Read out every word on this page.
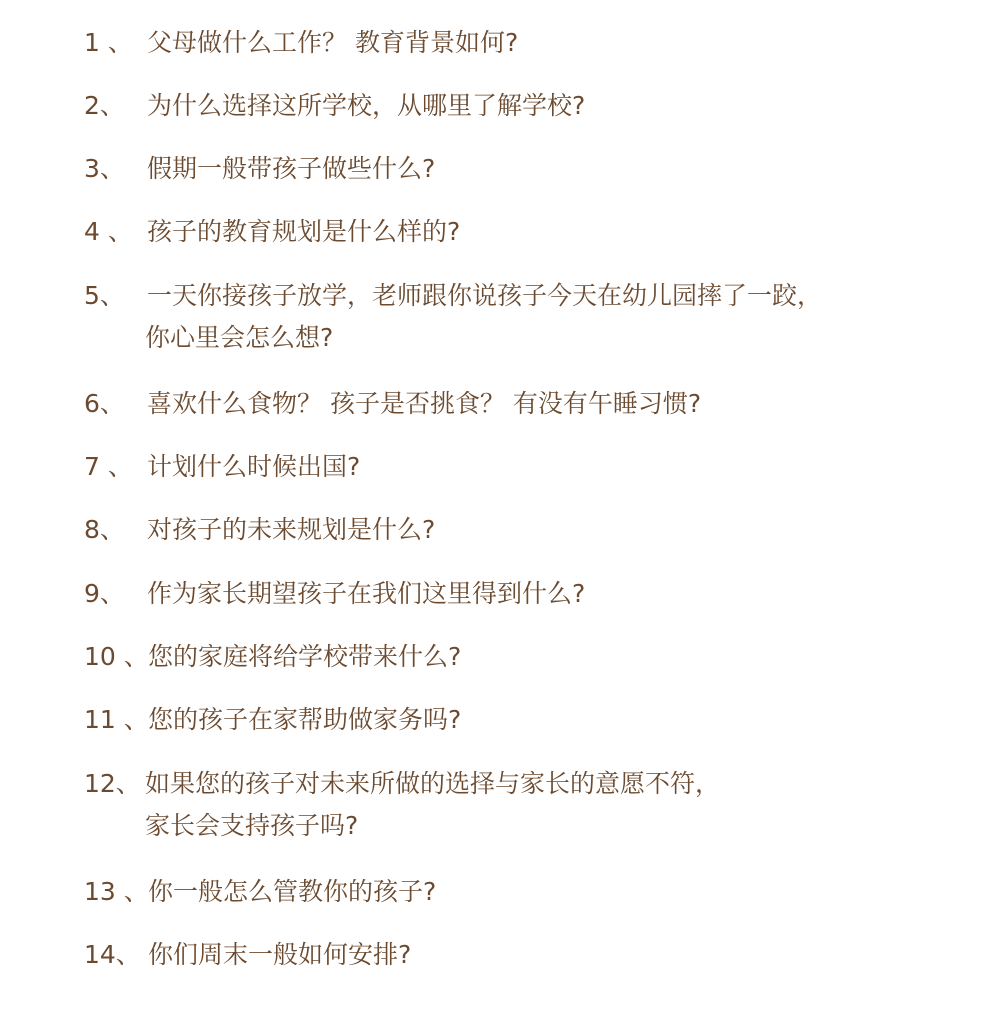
1 、 父母做什么工作？ 教育背景如何?
2、 为什么选择这所学校，从哪里了解学校?
3、 假期一般带孩子做些什么?
4 、 孩子的教育规划是什么样的?
5、 一天你接孩子放学，老师跟你说孩子今天在幼儿园摔了一跤，
你心里会怎么想?
6、 喜欢什么食物？ 孩子是否挑食？ 有没有午睡习惯?
7 、 计划什么时候出国?
8、 对孩子的未来规划是什么?
9、 作为家长期望孩子在我们这里得到什么?
10 、 您的家庭将给学校带来什么?
11 、 您的孩子在家帮助做家务吗?
12、 如果您的孩子对未来所做的选择与家长的意愿不符，
家长会支持孩子吗?
13 、 你一般怎么管教你的孩子?
14、 你们周末一般如何安排?
